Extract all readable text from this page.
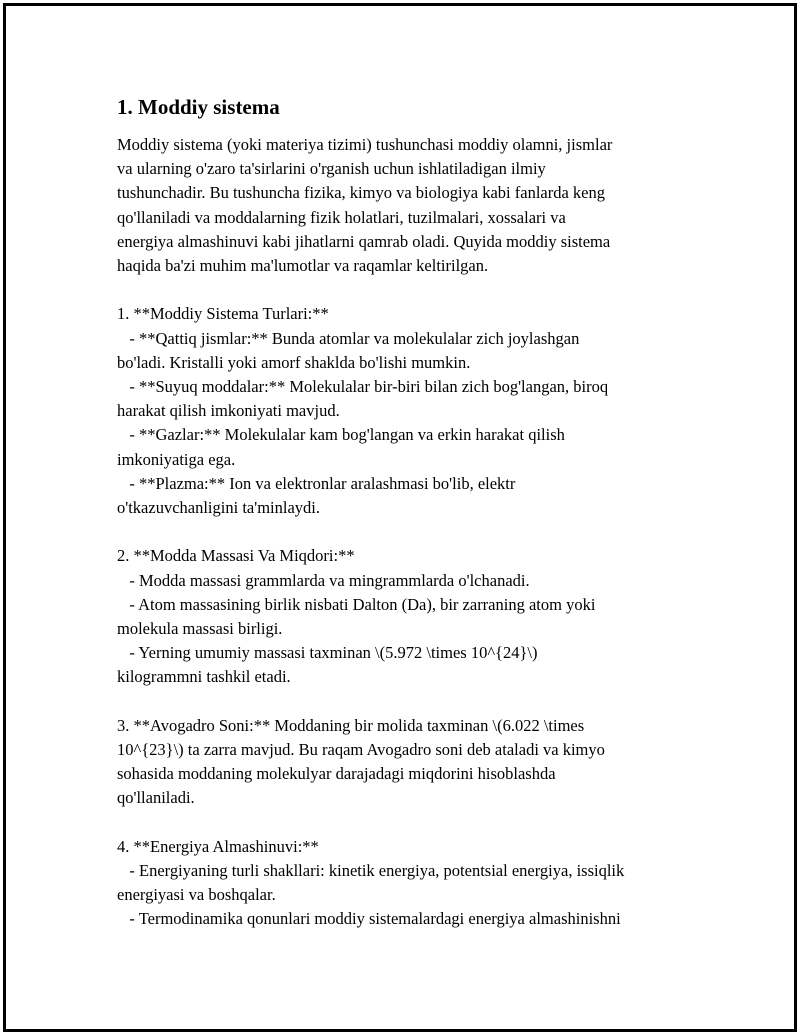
1. Moddiy sistema

Moddiy sistema (yoki materiya tizimi) tushunchasi moddiy olamni, jismlar

va ularning o'zaro ta'sirlarini o'rganish uchun ishlatiladigan ilmiy

tushunchadir. Bu tushuncha fizika, kimyo va biologiya kabi fanlarda keng

qo'llaniladi va moddalarning fizik holatlari, tuzilmalari, xossalari va

energiya almashinuvi kabi jihatlarni qamrab oladi. Quyida moddiy sistema

haqida ba'zi muhim ma'lumotlar va raqamlar keltirilgan.

1. **Moddiy Sistema Turlari:**

- **Qattiq jismlar:** Bunda atomlar va molekulalar zich joylashgan

bo'ladi. Kristalli yoki amorf shaklda bo'lishi mumkin.

- **Suyuq moddalar:** Molekulalar bir-biri bilan zich bog'langan, biroq

harakat qilish imkoniyati mavjud.

- **Gazlar:** Molekulalar kam bog'langan va erkin harakat qilish

imkoniyatiga ega.

- **Plazma:** Ion va elektronlar aralashmasi bo'lib, elektr

o'tkazuvchanligini ta'minlaydi.

2. **Modda Massasi Va Miqdori:**

- Modda massasi grammlarda va mingrammlarda o'lchanadi.

- Atom massasining birlik nisbati Dalton (Da), bir zarraning atom yoki

molekula massasi birligi.

- Yerning umumiy massasi taxminan \(5.972 \times 10^{24}\)

kilogrammni tashkil etadi.

3. **Avogadro Soni:** Moddaning bir molida taxminan \(6.022 \times

10^{23}\) ta zarra mavjud. Bu raqam Avogadro soni deb ataladi va kimyo

sohasida moddaning molekulyar darajadagi miqdorini hisoblashda

qo'llaniladi.

4. **Energiya Almashinuvi:**

- Energiyaning turli shakllari: kinetik energiya, potentsial energiya, issiqlik

energiyasi va boshqalar.

- Termodinamika qonunlari moddiy sistemalardagi energiya almashinishni
